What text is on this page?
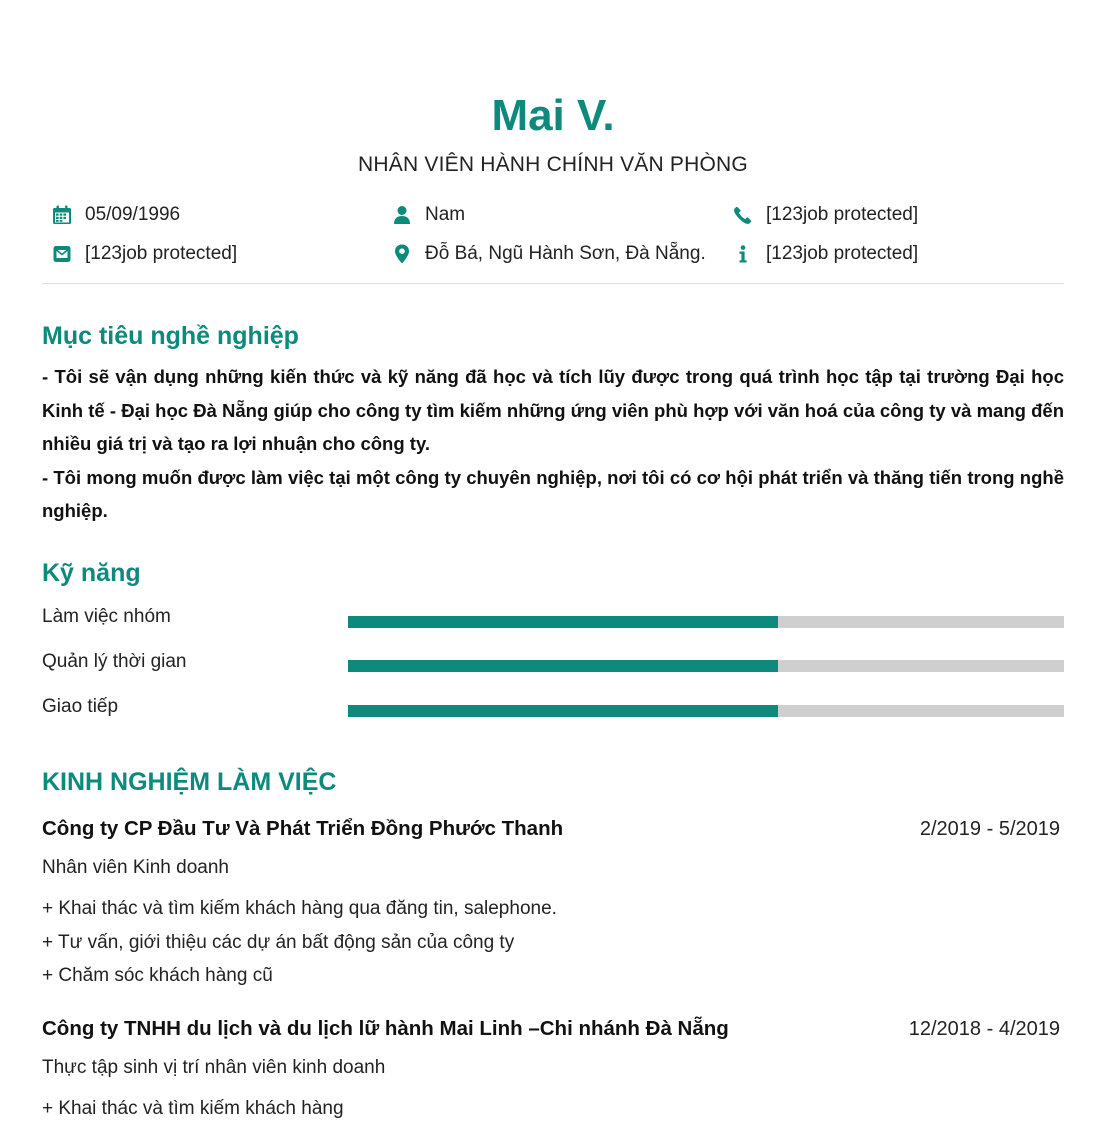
Mai V.
NHÂN VIÊN HÀNH CHÍNH VĂN PHÒNG
05/09/1996	Nam	[123job protected]
[123job protected]	Đỗ Bá, Ngũ Hành Sơn, Đà Nẵng.	[123job protected]
Mục tiêu nghề nghiệp

- Tôi sẽ vận dụng những kiến thức và kỹ năng đã học và tích lũy được trong quá trình học tập tại trường Đại học Kinh tế - Đại học Đà Nẵng giúp cho công ty tìm kiếm những ứng viên phù hợp với văn hoá của công ty và mang đến nhiều giá trị và tạo ra lợi nhuận cho công ty.

- Tôi mong muốn được làm việc tại một công ty chuyên nghiệp, nơi tôi có cơ hội phát triển và thăng tiến trong nghề nghiệp.

Kỹ năng
Làm việc nhóm
Quản lý thời gian
Giao tiếp
KINH NGHIỆM LÀM VIỆC
Công ty CP Đầu Tư Và Phát Triển Đồng Phước Thanh	2/2019 - 5/2019
Nhân viên Kinh doanh
+ Khai thác và tìm kiếm khách hàng qua đăng tin, salephone.
+ Tư vấn, giới thiệu các dự án bất động sản của công ty
+ Chăm sóc khách hàng cũ
Công ty TNHH du lịch và du lịch lữ hành Mai Linh –Chi nhánh Đà Nẵng	12/2018 - 4/2019
Thực tập sinh vị trí nhân viên kinh doanh
+ Khai thác và tìm kiếm khách hàng
